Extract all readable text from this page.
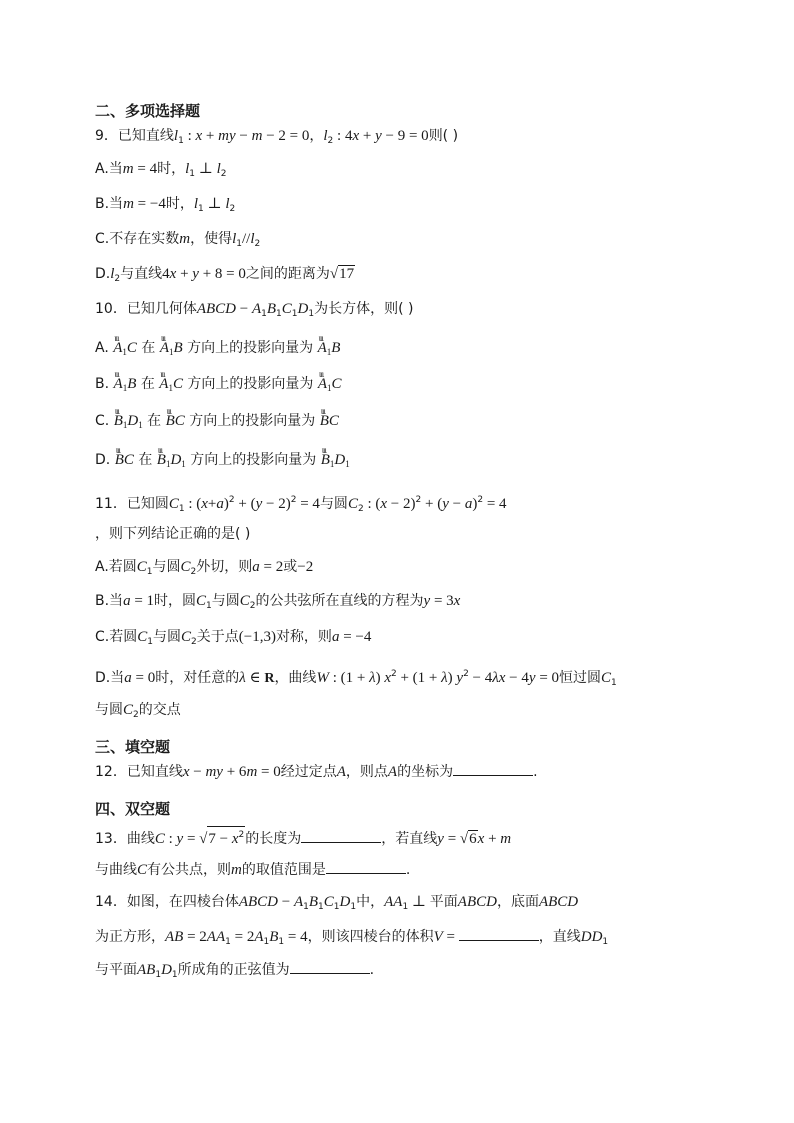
二、多项选择题
9．已知直线$l_1$ : x + my − m − 2 = 0，$l_2$ : 4x + y − 9 = 0则( )
A.当m = 4时，$l_1$ ⊥ $l_2$
B.当m = −4时，$l_1$ ⊥ $l_2$
C.不存在实数m，使得$l_1//l_2$
$D.l_2$与直线4x + y + 8 = 0之间的距离为√17
10．已知几何体ABCD − $A_1B_1C_1D_1$为长方体，则( )
A. ιιι $A_1C$ 在 ιιι $A_1B$ 方向上的投影向量为 ιιι $A_1B$
B. ιιι $A_1B$ 在 ιιι $A_1C$ 方向上的投影向量为 ιιι $A_1C$
C. ιιι $B_1D_1$ 在 ιιι BC 方向上的投影向量为 ιιι BC
D. ιιι BC 在 ιιι $B_1D_1$ 方向上的投影向量为 ιιι $B_1D_1$
11．已知圆$C_1$ : $(x+a)^2 + (y - 2)^2 = 4$与圆$C_2$ : $(x - 2)^2 + (y - a)^2 = 4$
，则下列结论正确的是( )
A.若圆$C_1$与圆$C_2$外切，则a = 2或−2
B.当a = 1时，圆$C_1$与圆$C_2$的公共弦所在直线的方程为y = 3x
C.若圆$C_1$与圆$C_2$关于点(−1,3)对称，则a = −4
D.当a = 0时，对任意的λ ∈ R，曲线W : (1 + λ) $x^2 + (1 + \lambda) y^2 - 4\lambda x - 4y = 0$恒过圆$C_1$
与圆$C_2$的交点
三、填空题
12．已知直线x − my + 6m = 0经过定点A，则点A的坐标为	.
四、双空题
13．曲线C : $y = √7 - x^2$的长度为	，若直线y = √6x + m
与曲线C有公共点，则m的取值范围是	.
14．如图，在四棱台体ABCD − $A_1B_1C_1D_1$中，$AA_1$ ⊥ 平面ABCD，底面ABCD
为正方形，AB = $2AA_1 = 2A_1B_1 = 4$，则该四棱台的体积V =	，直线$DD_1$
与平面$AB_1D_1$所成角的正弦值为	.
